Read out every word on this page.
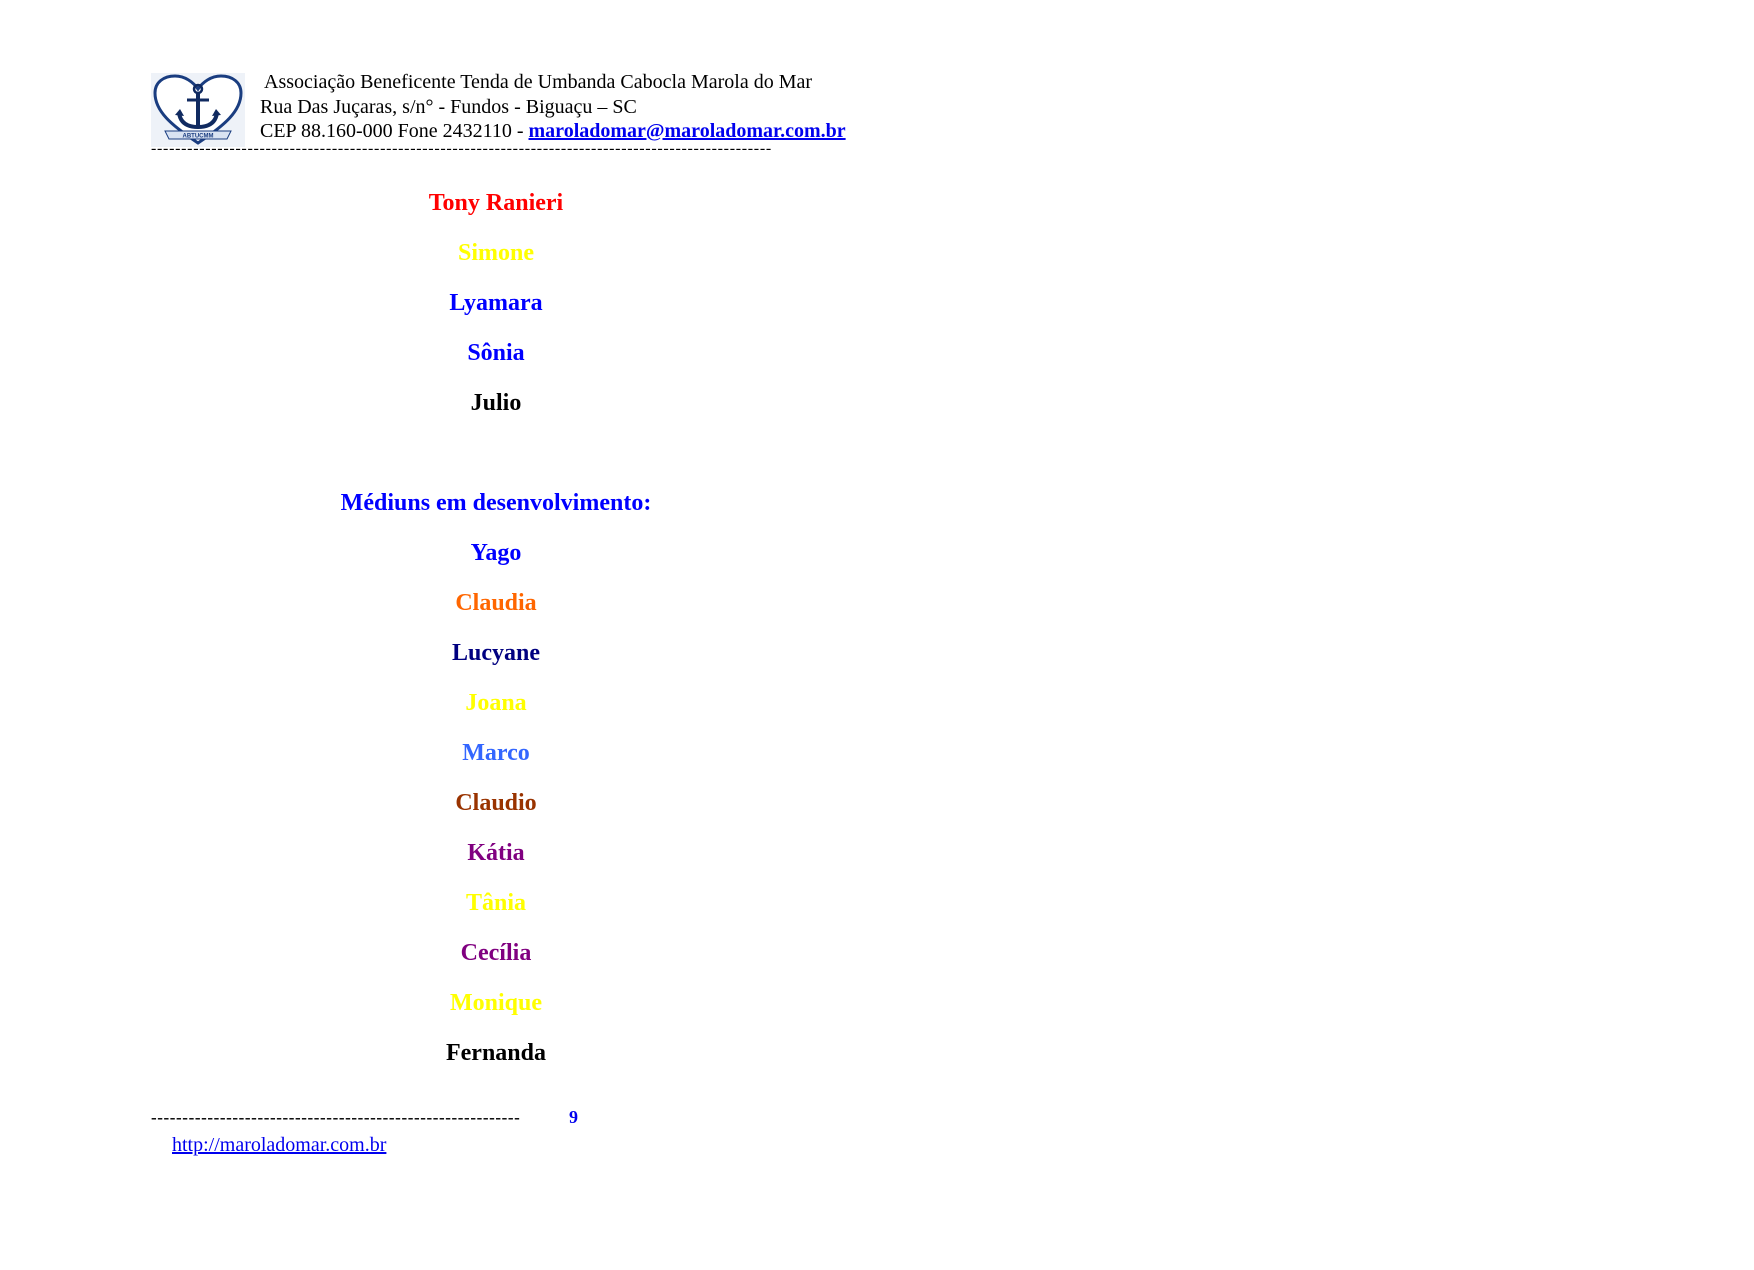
ABTUCMM
Associação Beneficente Tenda de Umbanda Cabocla Marola do Mar
Rua Das Juçaras, s/n° - Fundos - Biguaçu – SC
CEP 88.160-000 Fone 2432110 - maroladomar@maroladomar.com.br
-------------------------------------------------------------------------------------------------------
Tony Ranieri
Simone
Lyamara
Sônia
Julio
Médiuns em desenvolvimento:
Yago
Claudia
Lucyane
Joana
Marco
Claudio
Kátia
Tânia
Cecília
Monique
Fernanda
-----------------------------------------------------------	9
http://maroladomar.com.br
